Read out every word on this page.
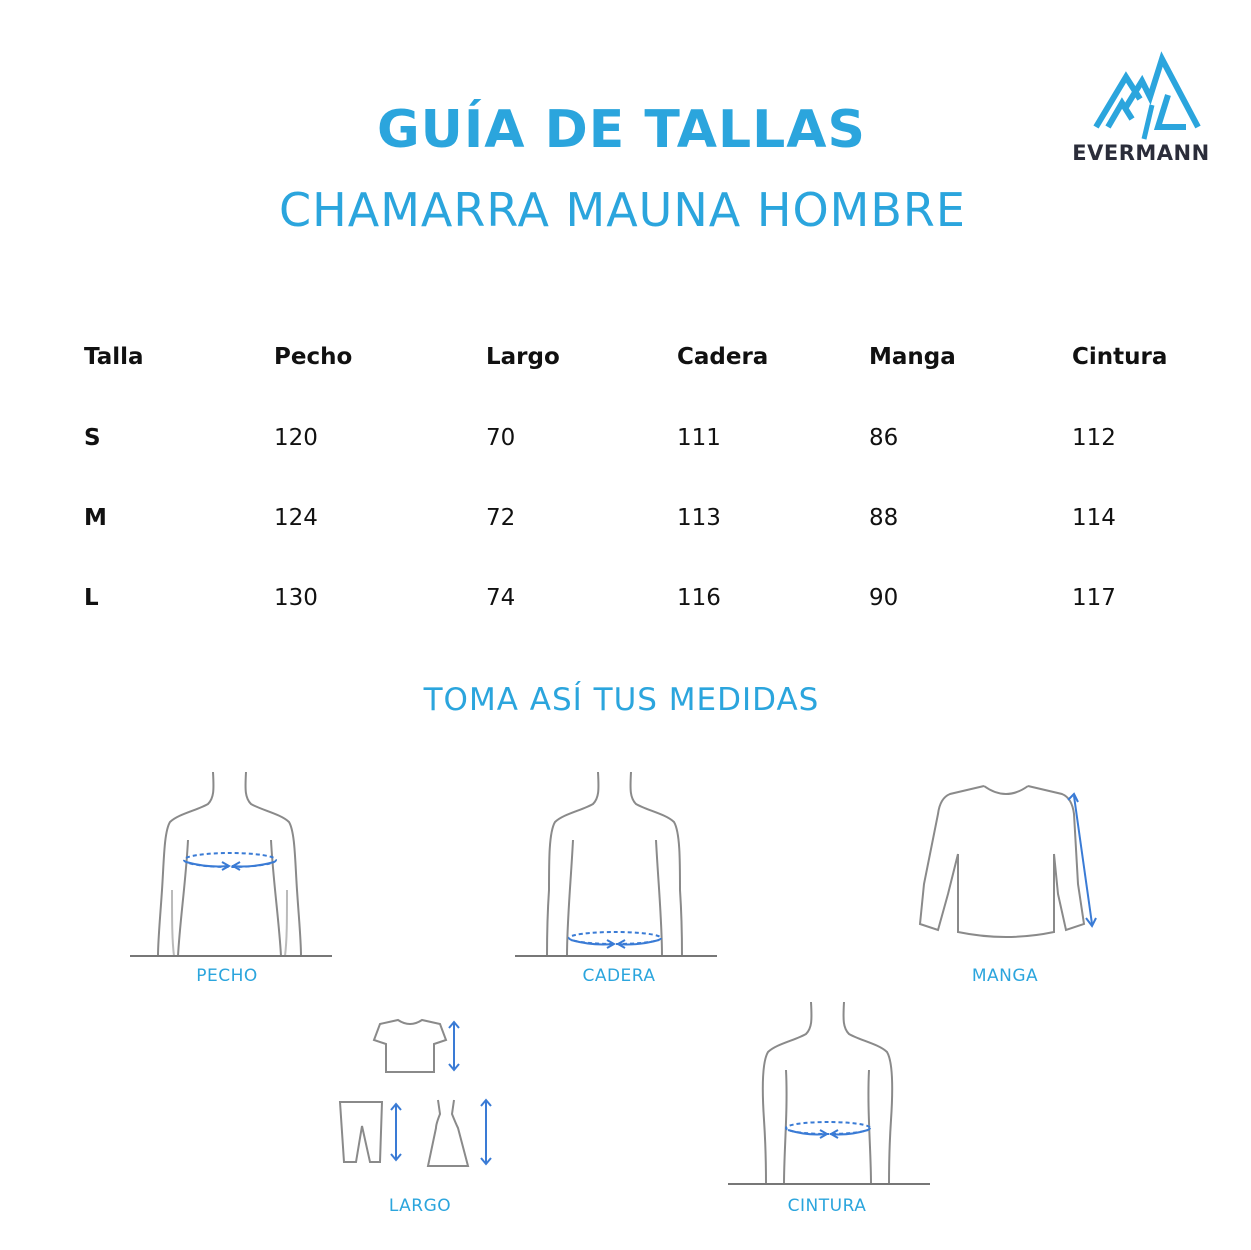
GUÍA DE TALLAS
CHAMARRA MAUNA HOMBRE
EVERMANN
Talla	Pecho	Largo	Cadera	Manga	Cintura
S	120	70	111	86	112
M	124	72	113	88	114
L	130	74	116	90	117
TOMA ASÍ TUS MEDIDAS
PECHO	CADERA	MANGA
LARGO	CINTURA
